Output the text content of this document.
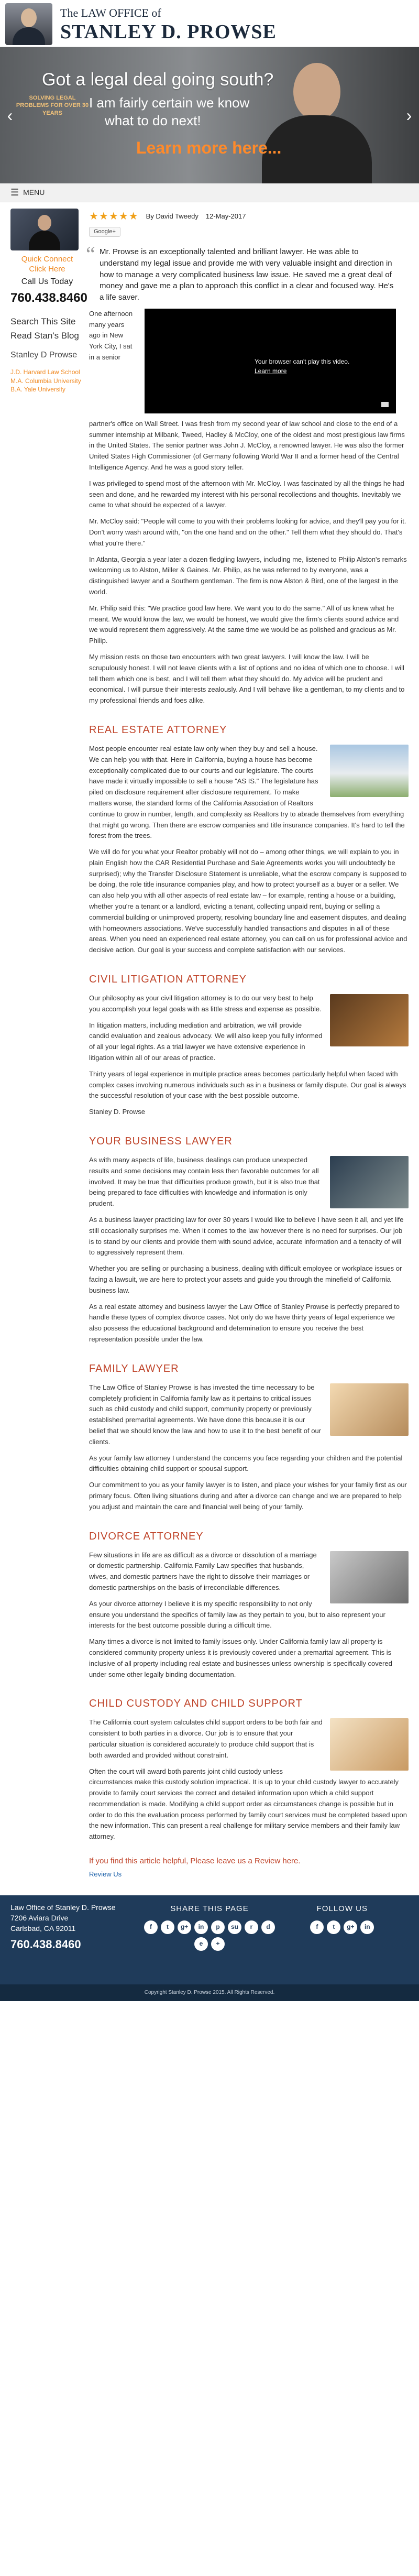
The LAW OFFICE of
STANLEY D. PROWSE
SOLVING LEGAL PROBLEMS FOR OVER 30 YEARS
Got a legal deal going south?
I am fairly certain we know
what to do next!
Learn more here...
‹	›
☰ MENU
Quick Connect
Click Here
Call Us Today
760.438.8460
Search This Site
Read Stan's Blog
Stanley D Prowse
J.D. Harvard Law School
M.A. Columbia University
B.A. Yale University
★★★★★ By David Tweedy 12-May-2017
Google+
“ Mr. Prowse is an exceptionally talented and brilliant lawyer. He was able to understand my legal issue and provide me with very valuable insight and direction in how to manage a very complicated business law issue. He saved me a great deal of money and gave me a plan to approach this conflict in a clear and focused way. He's a life saver.
One afternoon many years ago in New York City, I sat in a senior
Your browser can't play this video.
Learn more

partner's office on Wall Street. I was fresh from my second year of law school and close to the end of a summer internship at Milbank, Tweed, Hadley & McCloy, one of the oldest and most prestigious law firms in the United States. The senior partner was John J. McCloy, a renowned lawyer. He was also the former United States High Commissioner (of Germany following World War II and a former head of the Central Intelligence Agency. And he was a good story teller.

I was privileged to spend most of the afternoon with Mr. McCloy. I was fascinated by all the things he had seen and done, and he rewarded my interest with his personal recollections and thoughts. Inevitably we came to what should be expected of a lawyer.

Mr. McCloy said: "People will come to you with their problems looking for advice, and they'll pay you for it. Don't worry wash around with, "on the one hand and on the other." Tell them what they should do. That's what you're there."

In Atlanta, Georgia a year later a dozen fledgling lawyers, including me, listened to Philip Alston's remarks welcoming us to Alston, Miller & Gaines. Mr. Philip, as he was referred to by everyone, was a distinguished lawyer and a Southern gentleman. The firm is now Alston & Bird, one of the largest in the world.

Mr. Philip said this: "We practice good law here. We want you to do the same." All of us knew what he meant. We would know the law, we would be honest, we would give the firm's clients sound advice and we would represent them aggressively. At the same time we would be as polished and gracious as Mr. Philip.

My mission rests on those two encounters with two great lawyers. I will know the law. I will be scrupulously honest. I will not leave clients with a list of options and no idea of which one to choose. I will tell them which one is best, and I will tell them what they should do. My advice will be prudent and economical. I will pursue their interests zealously. And I will behave like a gentleman, to my clients and to my professional friends and foes alike.

REAL ESTATE ATTORNEY

Most people encounter real estate law only when they buy and sell a house. We can help you with that. Here in California, buying a house has become exceptionally complicated due to our courts and our legislature. The courts have made it virtually impossible to sell a house "AS IS." The legislature has piled on disclosure requirement after disclosure requirement. To make matters worse, the standard forms of the California Association of Realtors continue to grow in number, length, and complexity as Realtors try to abrade themselves from everything that might go wrong. Then there are escrow companies and title insurance companies. It's hard to tell the forest from the trees.

We will do for you what your Realtor probably will not do – among other things, we will explain to you in plain English how the CAR Residential Purchase and Sale Agreements works you will undoubtedly be surprised); why the Transfer Disclosure Statement is unreliable, what the escrow company is supposed to be doing, the role title insurance companies play, and how to protect yourself as a buyer or a seller. We can also help you with all other aspects of real estate law – for example, renting a house or a building, whether you're a tenant or a landlord, evicting a tenant, collecting unpaid rent, buying or selling a commercial building or unimproved property, resolving boundary line and easement disputes, and dealing with homeowners associations. We've successfully handled transactions and disputes in all of these areas. When you need an experienced real estate attorney, you can call on us for professional advice and decisive action. Our goal is your success and complete satisfaction with our services.

CIVIL LITIGATION ATTORNEY

Our philosophy as your civil litigation attorney is to do our very best to help you accomplish your legal goals with as little stress and expense as possible.

In litigation matters, including mediation and arbitration, we will provide candid evaluation and zealous advocacy. We will also keep you fully informed of all your legal rights. As a trial lawyer we have extensive experience in litigation within all of our areas of practice.

Thirty years of legal experience in multiple practice areas becomes particularly helpful when faced with complex cases involving numerous individuals such as in a business or family dispute. Our goal is always the successful resolution of your case with the best possible outcome.

Stanley D. Prowse

YOUR BUSINESS LAWYER

As with many aspects of life, business dealings can produce unexpected results and some decisions may contain less then favorable outcomes for all involved. It may be true that difficulties produce growth, but it is also true that being prepared to face difficulties with knowledge and information is only prudent.

As a business lawyer practicing law for over 30 years I would like to believe I have seen it all, and yet life still occasionally surprises me. When it comes to the law however there is no need for surprises. Our job is to stand by our clients and provide them with sound advice, accurate information and a tenacity of will to aggressively represent them.

Whether you are selling or purchasing a business, dealing with difficult employee or workplace issues or facing a lawsuit, we are here to protect your assets and guide you through the minefield of California business law.

As a real estate attorney and business lawyer the Law Office of Stanley Prowse is perfectly prepared to handle these types of complex divorce cases. Not only do we have thirty years of legal experience we also possess the educational background and determination to ensure you receive the best representation possible under the law.

FAMILY LAWYER

The Law Office of Stanley Prowse is has invested the time necessary to be completely proficient in California family law as it pertains to critical issues such as child custody and child support, community property or previously established premarital agreements. We have done this because it is our belief that we should know the law and how to use it to the best benefit of our clients.

As your family law attorney I understand the concerns you face regarding your children and the potential difficulties obtaining child support or spousal support.

Our commitment to you as your family lawyer is to listen, and place your wishes for your family first as our primary focus. Often living situations during and after a divorce can change and we are prepared to help you adjust and maintain the care and financial well being of your family.

DIVORCE ATTORNEY

Few situations in life are as difficult as a divorce or dissolution of a marriage or domestic partnership. California Family Law specifies that husbands, wives, and domestic partners have the right to dissolve their marriages or domestic partnerships on the basis of irreconcilable differences.

As your divorce attorney I believe it is my specific responsibility to not only ensure you understand the specifics of family law as they pertain to you, but to also represent your interests for the best outcome possible during a difficult time.

Many times a divorce is not limited to family issues only. Under California family law all property is considered community property unless it is previously covered under a premarital agreement. This is inclusive of all property including real estate and businesses unless ownership is specifically covered under some other legally binding documentation.

CHILD CUSTODY AND CHILD SUPPORT

The California court system calculates child support orders to be both fair and consistent to both parties in a divorce. Our job is to ensure that your particular situation is considered accurately to produce child support that is both awarded and provided without constraint.

Often the court will award both parents joint child custody unless circumstances make this custody solution impractical. It is up to your child custody lawyer to accurately provide to family court services the correct and detailed information upon which a child support recommendation is made. Modifying a child support order as circumstances change is possible but in order to do this the evaluation process performed by family court services must be completed based upon the new information. This can present a real challenge for military service members and their family law attorney.

If you find this article helpful, Please leave us a Review here.
Review Us
Law Office of Stanley D. Prowse
7206 Aviara Drive
Carlsbad, CA 92011
760.438.8460
SHARE THIS PAGE
f	t	g+	in	p	su	r	d
e	+
FOLLOW US
f	t	g+	in
Copyright Stanley D. Prowse 2015. All Rights Reserved.
